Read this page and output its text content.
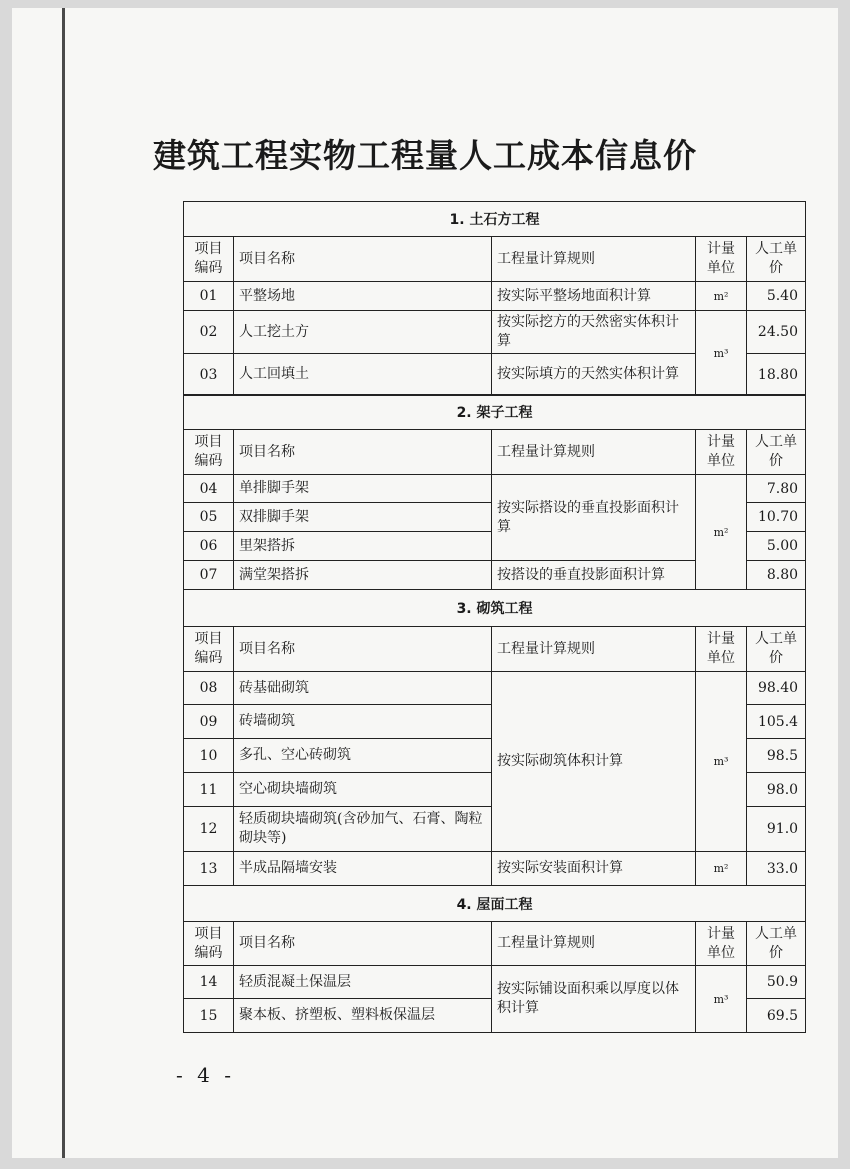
建筑工程实物工程量人工成本信息价
1. 土石方工程				
项目编码	项目名称	工程量计算规则	计量单位	人工单价
01	平整场地	按实际平整场地面积计算	m²	5.40
02	人工挖土方	按实际挖方的天然密实体积计算	m³	24.50
03	人工回填土	按实际填方的天然实体积计算		18.80
2. 架子工程				
项目编码	项目名称	工程量计算规则	计量单位	人工单价
04	单排脚手架	按实际搭设的垂直投影面积计算	m²	7.80
05	双排脚手架			10.70
06	里架搭拆			5.00
07	满堂架搭拆	按搭设的垂直投影面积计算		8.80
3. 砌筑工程				
项目编码	项目名称	工程量计算规则	计量单位	人工单价
08	砖基础砌筑	按实际砌筑体积计算	m³	98.40
09	砖墙砌筑			105.4
10	多孔、空心砖砌筑			98.5
11	空心砌块墙砌筑			98.0
12	轻质砌块墙砌筑(含砂加气、石膏、陶粒砌块等)			91.0
13	半成品隔墙安装	按实际安装面积计算	m²	33.0
4. 屋面工程				
项目编码	项目名称	工程量计算规则	计量单位	人工单价
14	轻质混凝土保温层	按实际铺设面积乘以厚度以体积计算	m³	50.9
15	聚本板、挤塑板、塑料板保温层			69.5
- 4 -
